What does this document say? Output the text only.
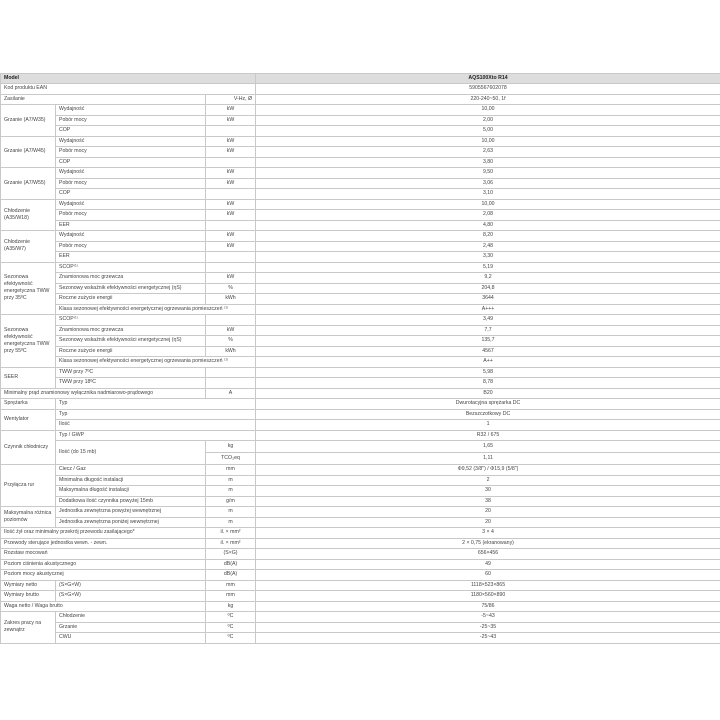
Model			AQS100Xto R14
Kod produktu EAN			5905567602078
Zasilanie		V-Hz, Ø	220-240~50, 1f
Grzanie (A7/W35)	Wydajność	kW	10,00
	Pobór mocy	kW	2,00
	COP		5,00
Grzanie (A7/W45)	Wydajność	kW	10,00
	Pobór mocy	kW	2,63
	COP		3,80
Grzanie (A7/W55)	Wydajność	kW	9,50
	Pobór mocy	kW	3,06
	COP		3,10
Chłodzenie (A35/W18)	Wydajność	kW	10,00
	Pobór mocy	kW	2,08
	EER		4,80
Chłodzenie (A35/W7)	Wydajność	kW	8,20
	Pobór mocy	kW	2,48
	EER		3,30
Sezonowa efektywność energetyczna TWW przy 35ºC	SCOP⁽¹⁾		5,19
	Znamionowa moc grzewcza	kW	9,2
	Sezonowy wskaźnik efektywności energetycznej (ηS)	%	204,8
	Roczne zużycie energii	kWh	3644
	Klasa sezonowej efektywności energetycznej ogrzewania pomieszczeń ⁽¹⁾		A+++
Sezonowa efektywność energetyczna TWW przy 55ºC	SCOP⁽¹⁾		3,49
	Znamionowa moc grzewcza	kW	7,7
	Sezonowy wskaźnik efektywności energetycznej (ηS)	%	135,7
	Roczne zużycie energii	kWh	4567
	Klasa sezonowej efektywności energetycznej ogrzewania pomieszczeń ⁽¹⁾		A++
SEER	TWW przy 7ºC		5,98
	TWW przy 18ºC		8,78
Minimalny prąd znamionowy wyłącznika nadmiarowo-prądowego		A	B20
Sprężarka	Typ		Dwurotacyjna sprężarka DC
Wentylator	Typ		Bezszczotkowy DC
	Ilość		1
Czynnik chłodniczy	Typ / GWP		R32 / 675
	Ilość (do 15 mb)	kg	1,65
		TCO₂eq	1,11
Przyłącza rur	Ciecz / Gaz	mm	Φ9,52 (3/8") / Φ15,9 (5/8")
	Minimalna długość instalacji	m	2
	Maksymalna długość instalacji	m	30
	Dodatkowa ilość czynnika powyżej 15mb	g/m	38
Maksymalna różnica poziomów	Jednostka zewnętrzna powyżej wewnętrznej	m	20
	Jednostka zewnętrzna poniżej wewnętrznej	m	20
Ilość żył oraz minimalny przekrój przewodu zasilającego*		il. × mm²	3 × 4
Przewody sterujące jednostka wewn. - zewn.		il. × mm²	2 × 0,75 (ekranowany)
Rozstaw mocowań		(S×G)	656×456
Poziom ciśnienia akustycznego		dB(A)	49
Poziom mocy akustycznej		dB(A)	60
Wymiary netto	(S×G×W)	mm	1118×523×865
Wymiary brutto	(S×G×W)	mm	1180×560×890
Waga netto / Waga brutto		kg	75/86
Zakres pracy na zewnątrz	Chłodzenie	ºC	-5~43
	Grzanie	ºC	-25~35
	CWU	ºC	-25~43
